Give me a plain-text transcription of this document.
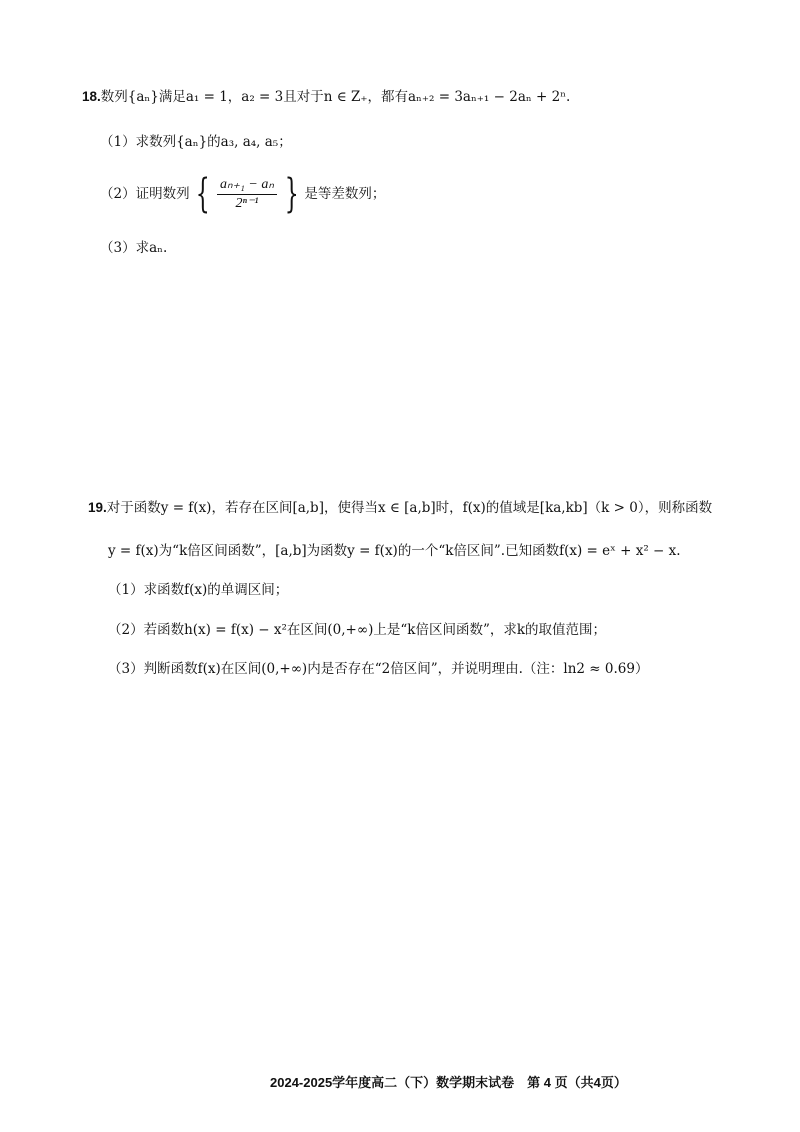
18.数列{aₙ}满足a₁ = 1，a₂ = 3且对于n ∈ Z₊，都有aₙ₊₂ = 3aₙ₊₁ − 2aₙ + 2ⁿ.
（1）求数列{aₙ}的a₃, a₄, a₅；
（2）证明数列 { $\frac{\text{aₙ₊₁ − aₙ}}{\text{2ⁿ⁻¹}}$ } 是等差数列；
（3）求aₙ.
19.对于函数y = f(x)，若存在区间[a,b]，使得当x ∈ [a,b]时，f(x)的值域是[ka,kb]（k > 0），则称函数
y = f(x)为“k倍区间函数”，[a,b]为函数y = f(x)的一个“k倍区间”.已知函数f(x) = eˣ + x² − x.
（1）求函数f(x)的单调区间；
（2）若函数h(x) = f(x) − x²在区间(0,+∞)上是“k倍区间函数”，求k的取值范围；
（3）判断函数f(x)在区间(0,+∞)内是否存在“2倍区间”，并说明理由.（注：ln2 ≈ 0.69）
2024-2025学年度高二（下）数学期末试卷　第 4 页（共4页）
